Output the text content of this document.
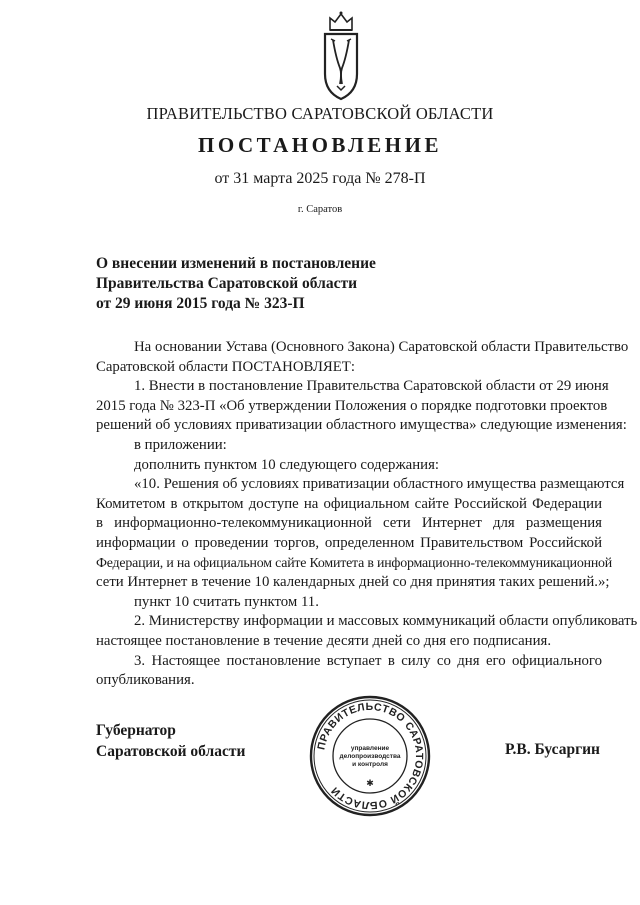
ПРАВИТЕЛЬСТВО САРАТОВСКОЙ ОБЛАСТИ
ПОСТАНОВЛЕНИЕ
от 31 марта 2025 года № 278-П
г. Саратов
О внесении изменений в постановление
Правительства Саратовской области
от 29 июня 2015 года № 323-П
На основании Устава (Основного Закона) Саратовской области Правительство
Саратовской области ПОСТАНОВЛЯЕТ:
1. Внести в постановление Правительства Саратовской области от 29 июня
2015 года № 323-П «Об утверждении Положения о порядке подготовки проектов
решений об условиях приватизации областного имущества» следующие изменения:
в приложении:
дополнить пунктом 10 следующего содержания:
«10. Решения об условиях приватизации областного имущества размещаются
Комитетом в открытом доступе на официальном сайте Российской Федерации
в информационно-телекоммуникационной сети Интернет для размещения
информации о проведении торгов, определенном Правительством Российской
Федерации, и на официальном сайте Комитета в информационно-телекоммуникационной
сети Интернет в течение 10 календарных дней со дня принятия таких решений.»;
пункт 10 считать пунктом 11.
2. Министерству информации и массовых коммуникаций области опубликовать
настоящее постановление в течение десяти дней со дня его подписания.
3. Настоящее постановление вступает в силу со дня его официального
опубликования.
Губернатор
Саратовской области	Р.В. Бусаргин
ПРАВИТЕЛЬСТВО САРАТОВСКОЙ ОБЛАСТИ
управление
делопроизводства
и контроля
✱
